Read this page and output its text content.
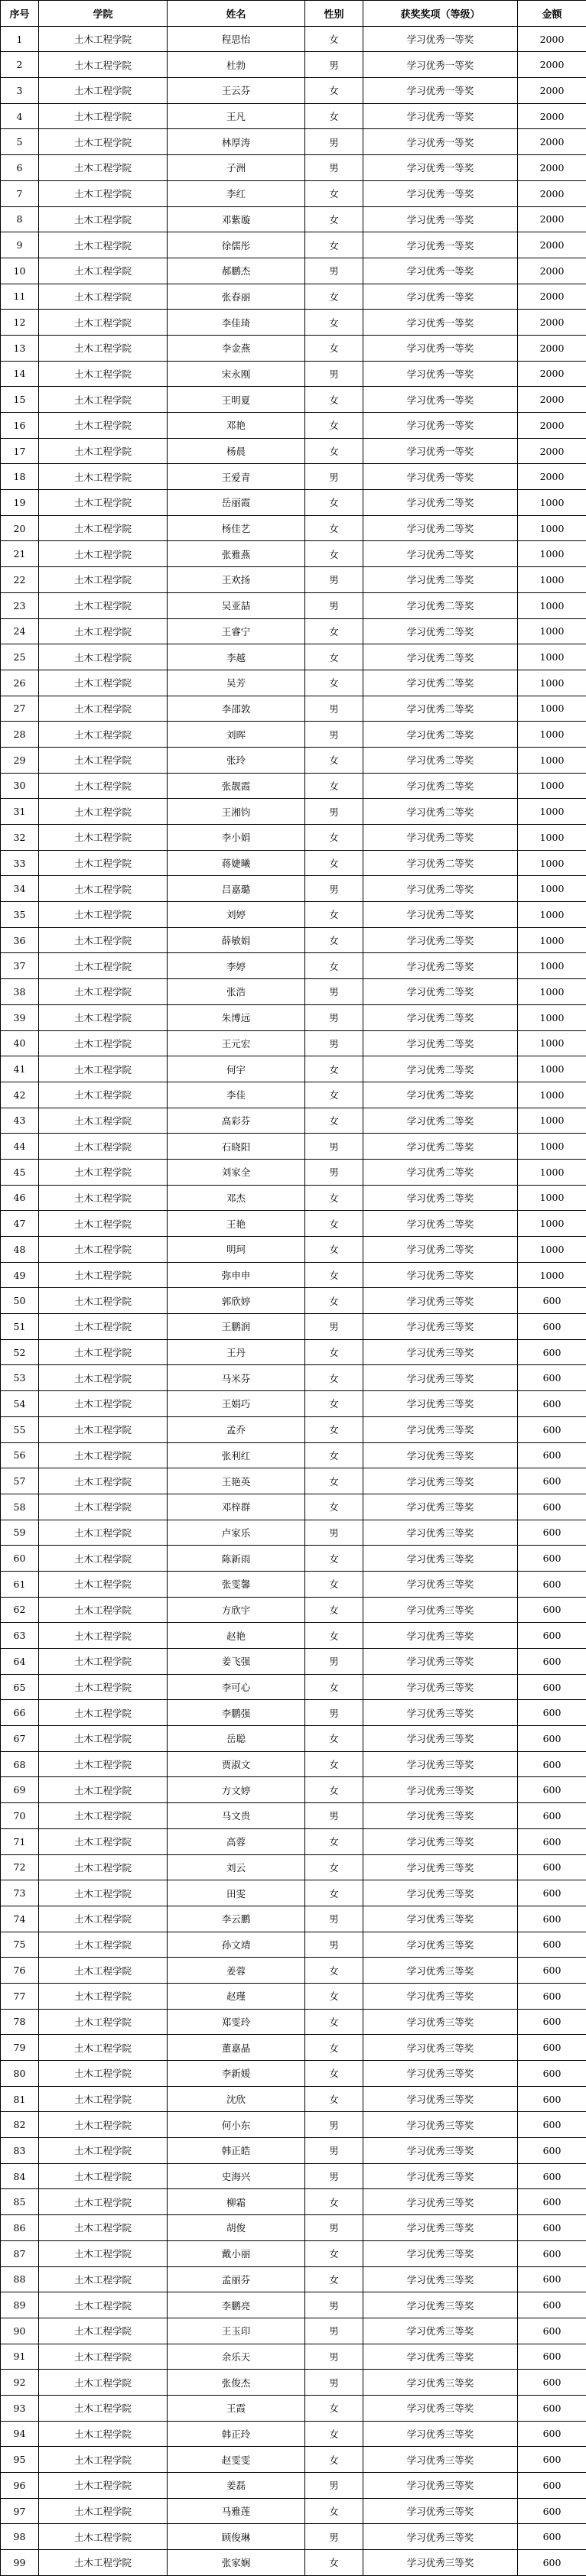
序号	学院	姓名	性别	获奖奖项（等级）	金额
1	土木工程学院	程思怡	女	学习优秀一等奖	2000
2	土木工程学院	杜勃	男	学习优秀一等奖	2000
3	土木工程学院	王云芬	女	学习优秀一等奖	2000
4	土木工程学院	王凡	女	学习优秀一等奖	2000
5	土木工程学院	林厚涛	男	学习优秀一等奖	2000
6	土木工程学院	子洲	男	学习优秀一等奖	2000
7	土木工程学院	李红	女	学习优秀一等奖	2000
8	土木工程学院	邓紫璇	女	学习优秀一等奖	2000
9	土木工程学院	徐儒彤	女	学习优秀一等奖	2000
10	土木工程学院	郝鹏杰	男	学习优秀一等奖	2000
11	土木工程学院	张春丽	女	学习优秀一等奖	2000
12	土木工程学院	李佳琦	女	学习优秀一等奖	2000
13	土木工程学院	李金燕	女	学习优秀一等奖	2000
14	土木工程学院	宋永刚	男	学习优秀一等奖	2000
15	土木工程学院	王明夏	女	学习优秀一等奖	2000
16	土木工程学院	邓艳	女	学习优秀一等奖	2000
17	土木工程学院	杨晨	女	学习优秀一等奖	2000
18	土木工程学院	王爱青	男	学习优秀一等奖	2000
19	土木工程学院	岳丽霞	女	学习优秀二等奖	1000
20	土木工程学院	杨佳艺	女	学习优秀二等奖	1000
21	土木工程学院	张雅燕	女	学习优秀二等奖	1000
22	土木工程学院	王欢扬	男	学习优秀二等奖	1000
23	土木工程学院	吴亚喆	男	学习优秀二等奖	1000
24	土木工程学院	王睿宁	女	学习优秀二等奖	1000
25	土木工程学院	李越	女	学习优秀二等奖	1000
26	土木工程学院	吴芳	女	学习优秀二等奖	1000
27	土木工程学院	李邵敦	男	学习优秀二等奖	1000
28	土木工程学院	刘晖	男	学习优秀二等奖	1000
29	土木工程学院	张玲	女	学习优秀二等奖	1000
30	土木工程学院	张靓霞	女	学习优秀二等奖	1000
31	土木工程学院	王湘钧	男	学习优秀二等奖	1000
32	土木工程学院	李小娟	女	学习优秀二等奖	1000
33	土木工程学院	蒋婕曦	女	学习优秀二等奖	1000
34	土木工程学院	吕嘉璐	男	学习优秀二等奖	1000
35	土木工程学院	刘婷	女	学习优秀二等奖	1000
36	土木工程学院	薛敏娟	女	学习优秀二等奖	1000
37	土木工程学院	李婷	女	学习优秀二等奖	1000
38	土木工程学院	张浩	男	学习优秀二等奖	1000
39	土木工程学院	朱博远	男	学习优秀二等奖	1000
40	土木工程学院	王元宏	男	学习优秀二等奖	1000
41	土木工程学院	何宇	女	学习优秀二等奖	1000
42	土木工程学院	李佳	女	学习优秀二等奖	1000
43	土木工程学院	高彩芬	女	学习优秀二等奖	1000
44	土木工程学院	石晓阳	男	学习优秀二等奖	1000
45	土木工程学院	刘家全	男	学习优秀二等奖	1000
46	土木工程学院	邓杰	女	学习优秀二等奖	1000
47	土木工程学院	王艳	女	学习优秀二等奖	1000
48	土木工程学院	明珂	女	学习优秀二等奖	1000
49	土木工程学院	弥申申	女	学习优秀二等奖	1000
50	土木工程学院	郭欣婷	女	学习优秀三等奖	600
51	土木工程学院	王鹏润	男	学习优秀三等奖	600
52	土木工程学院	王丹	女	学习优秀三等奖	600
53	土木工程学院	马米芬	女	学习优秀三等奖	600
54	土木工程学院	王娟巧	女	学习优秀三等奖	600
55	土木工程学院	孟乔	女	学习优秀三等奖	600
56	土木工程学院	张利红	女	学习优秀三等奖	600
57	土木工程学院	王艳英	女	学习优秀三等奖	600
58	土木工程学院	邓梓群	女	学习优秀三等奖	600
59	土木工程学院	卢家乐	男	学习优秀三等奖	600
60	土木工程学院	陈新雨	女	学习优秀三等奖	600
61	土木工程学院	张雯馨	女	学习优秀三等奖	600
62	土木工程学院	方欣宇	女	学习优秀三等奖	600
63	土木工程学院	赵艳	女	学习优秀三等奖	600
64	土木工程学院	姜飞强	男	学习优秀三等奖	600
65	土木工程学院	李可心	女	学习优秀三等奖	600
66	土木工程学院	李鹏强	男	学习优秀三等奖	600
67	土木工程学院	岳聪	女	学习优秀三等奖	600
68	土木工程学院	贾淑文	女	学习优秀三等奖	600
69	土木工程学院	方文婷	女	学习优秀三等奖	600
70	土木工程学院	马文贵	男	学习优秀三等奖	600
71	土木工程学院	高蓉	女	学习优秀三等奖	600
72	土木工程学院	刘云	女	学习优秀三等奖	600
73	土木工程学院	田雯	女	学习优秀三等奖	600
74	土木工程学院	李云鹏	男	学习优秀三等奖	600
75	土木工程学院	孙文靖	男	学习优秀三等奖	600
76	土木工程学院	姜蓉	女	学习优秀三等奖	600
77	土木工程学院	赵瑾	女	学习优秀三等奖	600
78	土木工程学院	郑雯玲	女	学习优秀三等奖	600
79	土木工程学院	董嘉晶	女	学习优秀三等奖	600
80	土木工程学院	李新媛	女	学习优秀三等奖	600
81	土木工程学院	沈欣	女	学习优秀三等奖	600
82	土木工程学院	何小东	男	学习优秀三等奖	600
83	土木工程学院	韩正皓	男	学习优秀三等奖	600
84	土木工程学院	史海兴	男	学习优秀三等奖	600
85	土木工程学院	柳霜	女	学习优秀三等奖	600
86	土木工程学院	胡俊	男	学习优秀三等奖	600
87	土木工程学院	戴小丽	女	学习优秀三等奖	600
88	土木工程学院	孟丽芬	女	学习优秀三等奖	600
89	土木工程学院	李鹏亮	男	学习优秀三等奖	600
90	土木工程学院	王玉印	男	学习优秀三等奖	600
91	土木工程学院	余乐天	男	学习优秀三等奖	600
92	土木工程学院	张俊杰	男	学习优秀三等奖	600
93	土木工程学院	王霞	女	学习优秀三等奖	600
94	土木工程学院	韩正玲	女	学习优秀三等奖	600
95	土木工程学院	赵雯雯	女	学习优秀三等奖	600
96	土木工程学院	姜磊	男	学习优秀三等奖	600
97	土木工程学院	马雅莲	女	学习优秀三等奖	600
98	土木工程学院	顾俊琳	男	学习优秀三等奖	600
99	土木工程学院	张家娴	女	学习优秀三等奖	600
